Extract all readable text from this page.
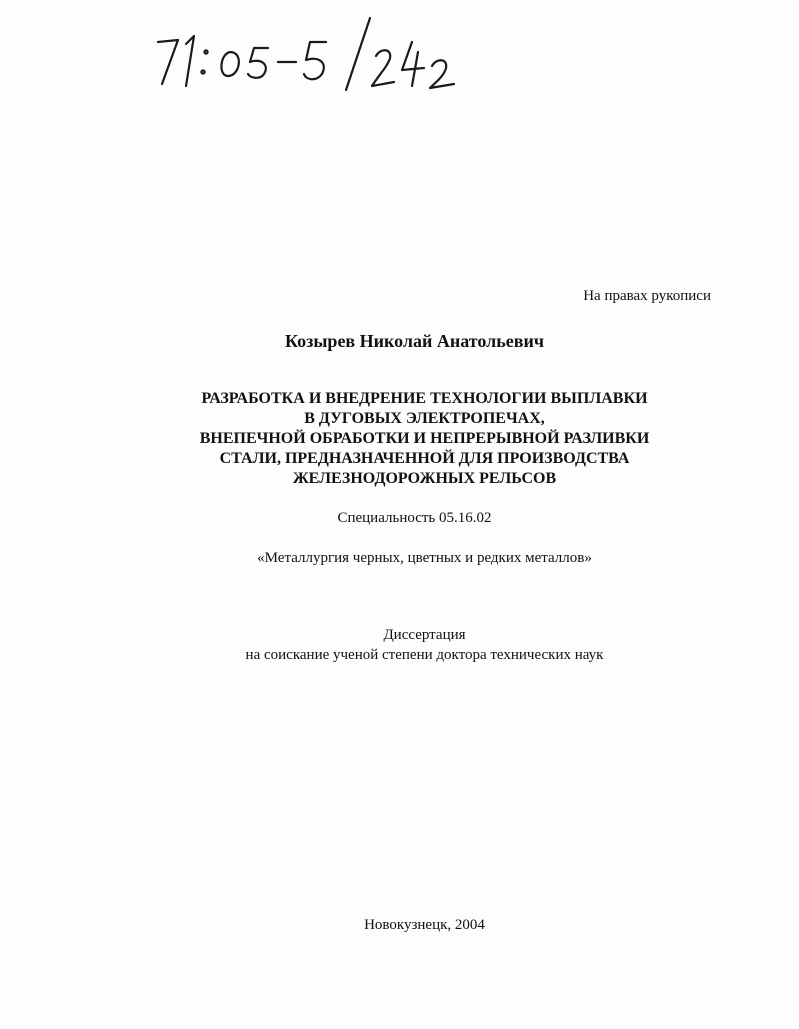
На правах рукописи
Козырев Николай Анатольевич
РАЗРАБОТКА И ВНЕДРЕНИЕ ТЕХНОЛОГИИ ВЫПЛАВКИ
В ДУГОВЫХ ЭЛЕКТРОПЕЧАХ,
ВНЕПЕЧНОЙ ОБРАБОТКИ И НЕПРЕРЫВНОЙ РАЗЛИВКИ
СТАЛИ, ПРЕДНАЗНАЧЕННОЙ ДЛЯ ПРОИЗВОДСТВА
ЖЕЛЕЗНОДОРОЖНЫХ РЕЛЬСОВ
Специальность 05.16.02
«Металлургия черных, цветных и редких металлов»
Диссертация
на соискание ученой степени доктора технических наук
Новокузнецк, 2004
